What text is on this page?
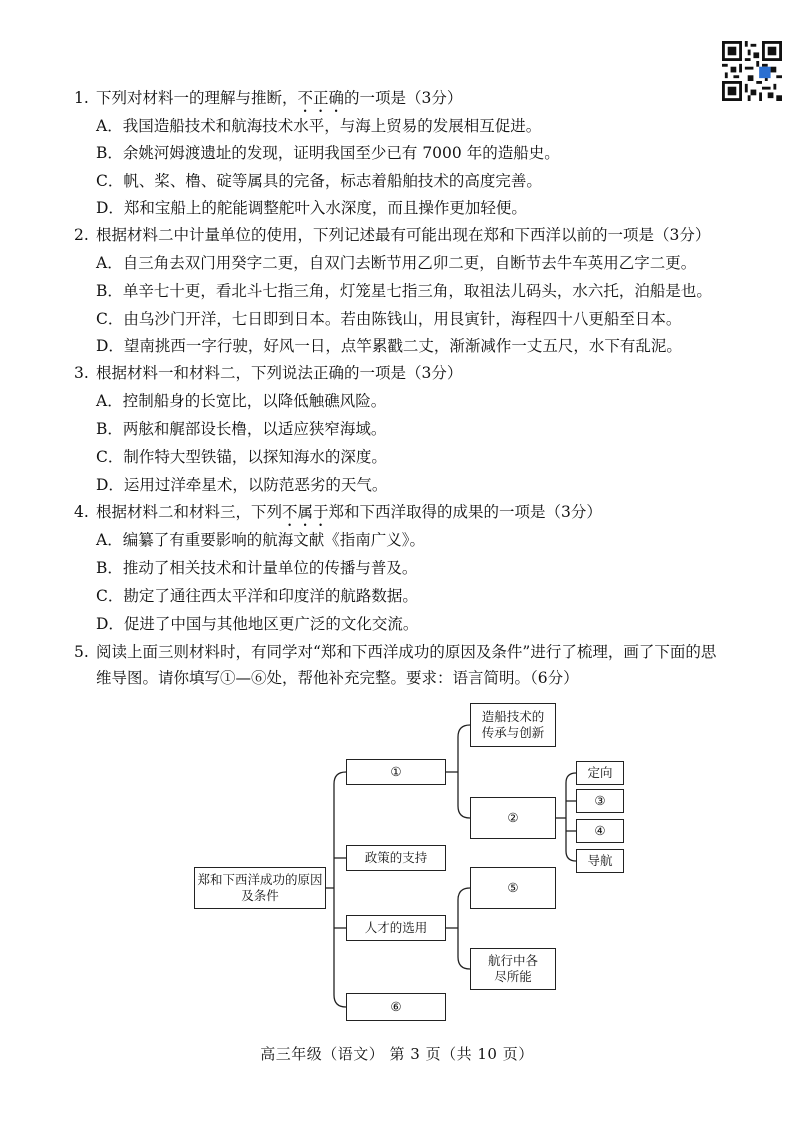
1. 下列对材料一的理解与推断，不正确的一项是（3分）
A．我国造船技术和航海技术水平，与海上贸易的发展相互促进。
B．余姚河姆渡遗址的发现，证明我国至少已有 7000 年的造船史。
C．帆、桨、橹、碇等属具的完备，标志着船舶技术的高度完善。
D．郑和宝船上的舵能调整舵叶入水深度，而且操作更加轻便。
2. 根据材料二中计量单位的使用，下列记述最有可能出现在郑和下西洋以前的一项是（3分）
A．自三角去双门用癸字二更，自双门去断节用乙卯二更，自断节去牛车英用乙字二更。
B．单辛七十更，看北斗七指三角，灯笼星七指三角，取祖法儿码头，水六托，泊船是也。
C．由乌沙门开洋，七日即到日本。若由陈钱山，用艮寅针，海程四十八更船至日本。
D．望南挑西一字行驶，好风一日，点竿累戳二丈，渐渐减作一丈五尺，水下有乱泥。
3. 根据材料一和材料二，下列说法正确的一项是（3分）
A．控制船身的长宽比，以降低触礁风险。
B．两舷和艉部设长橹，以适应狭窄海域。
C．制作特大型铁锚，以探知海水的深度。
D．运用过洋牵星术，以防范恶劣的天气。
4. 根据材料二和材料三，下列不属于郑和下西洋取得的成果的一项是（3分）
A．编纂了有重要影响的航海文献《指南广义》。
B．推动了相关技术和计量单位的传播与普及。
C．勘定了通往西太平洋和印度洋的航路数据。
D．促进了中国与其他地区更广泛的文化交流。
5. 阅读上面三则材料时，有同学对“郑和下西洋成功的原因及条件”进行了梳理，画了下面的思
维导图。请你填写①—⑥处，帮他补充完整。要求：语言简明。（6分）
郑和下西洋成功的原因及条件
①
政策的支持
人才的选用
⑥
造船技术的传承与创新
②
⑤
航行中各尽所能
定向
③
④
导航
高三年级（语文） 第 3 页（共 10 页）
